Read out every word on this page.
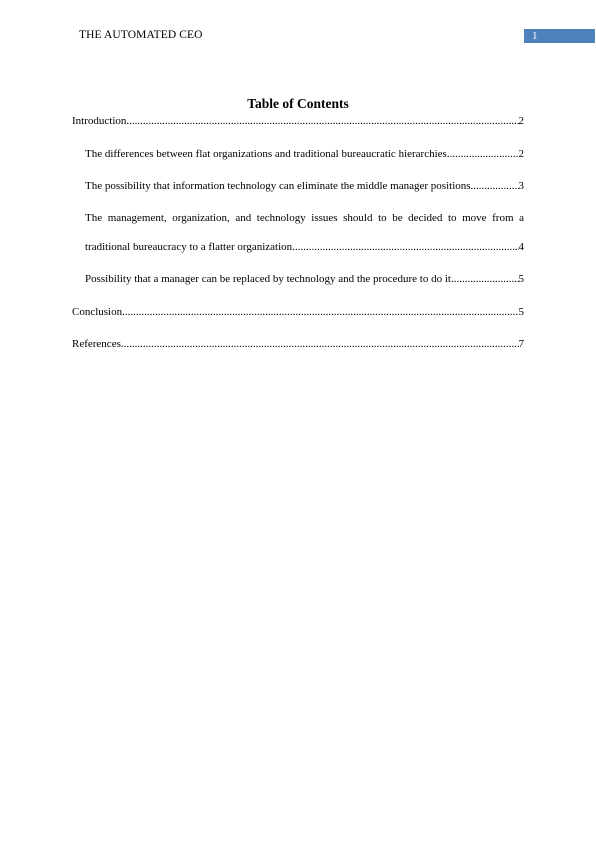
THE AUTOMATED CEO	1
Table of Contents
Introduction .....	2
The differences between flat organizations and traditional bureaucratic hierarchies .....	2
The possibility that information technology can eliminate the middle manager positions .....	3
The management, organization, and technology issues should to be decided to move from a
traditional bureaucracy to a flatter organization .....	4
Possibility that a manager can be replaced by technology and the procedure to do it .....	5
Conclusion .....	5
References .....	7
